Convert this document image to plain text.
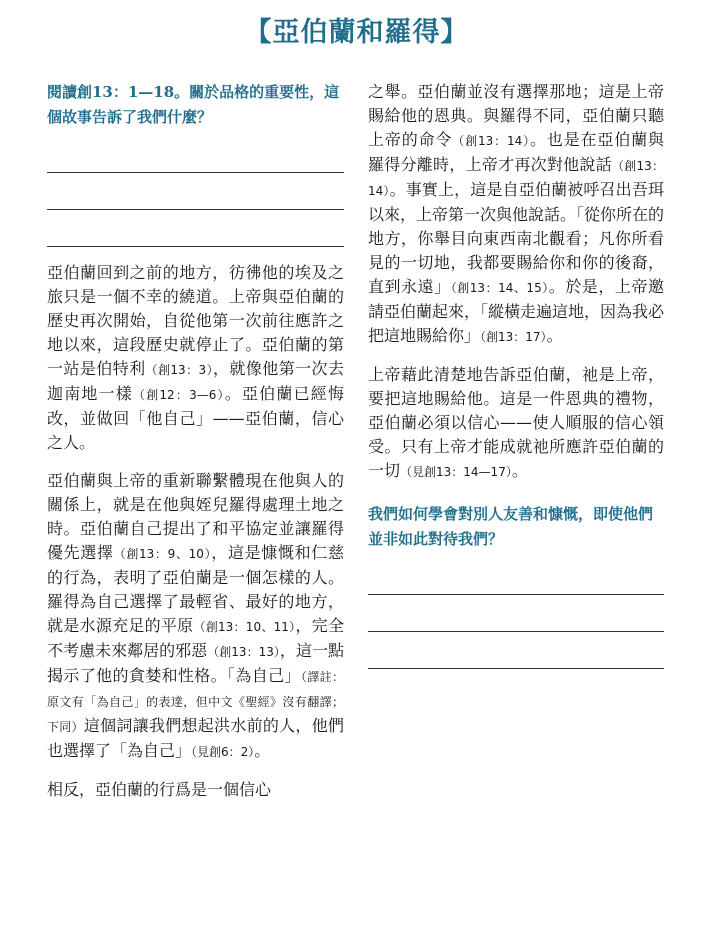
【亞伯蘭和羅得】

閱讀創13：1—18。關於品格的重要性，這個故事告訴了我們什麼？

亞伯蘭回到之前的地方，彷彿他的埃及之旅只是一個不幸的繞道。上帝與亞伯蘭的歷史再次開始，自從他第一次前往應許之地以來，這段歷史就停止了。亞伯蘭的第一站是伯特利（創13：3），就像他第一次去迦南地一樣（創12：3—6）。亞伯蘭已經悔改，並做回「他自己」——亞伯蘭，信心之人。

亞伯蘭與上帝的重新聯繫體現在他與人的關係上，就是在他與姪兒羅得處理土地之時。亞伯蘭自己提出了和平協定並讓羅得優先選擇（創13：9、10），這是慷慨和仁慈的行為，表明了亞伯蘭是一個怎樣的人。羅得為自己選擇了最輕省、最好的地方，就是水源充足的平原（創13：10、11），完全不考慮未來鄰居的邪惡（創13：13），這一點揭示了他的貪婪和性格。「為自己」（譯註：原文有「為自己」的表達，但中文《聖經》沒有翻譯；下同）這個詞讓我們想起洪水前的人，他們也選擇了「為自己」（見創6：2）。

相反，亞伯蘭的行爲是一個信心

之舉。亞伯蘭並沒有選擇那地；這是上帝賜給他的恩典。與羅得不同，亞伯蘭只聽上帝的命令（創13：14）。也是在亞伯蘭與羅得分離時，上帝才再次對他說話（創13：14）。事實上，這是自亞伯蘭被呼召出吾珥以來，上帝第一次與他說話。「從你所在的地方，你舉目向東西南北觀看；凡你所看見的一切地，我都要賜給你和你的後裔，直到永遠」（創13：14、15）。於是，上帝邀請亞伯蘭起來，「縱橫走遍這地，因為我必把這地賜給你」（創13：17）。

上帝藉此清楚地告訴亞伯蘭，祂是上帝，要把這地賜給他。這是一件恩典的禮物，亞伯蘭必須以信心——使人順服的信心領受。只有上帝才能成就祂所應許亞伯蘭的一切（見創13：14—17）。

我們如何學會對別人友善和慷慨，即使他們並非如此對待我們？
